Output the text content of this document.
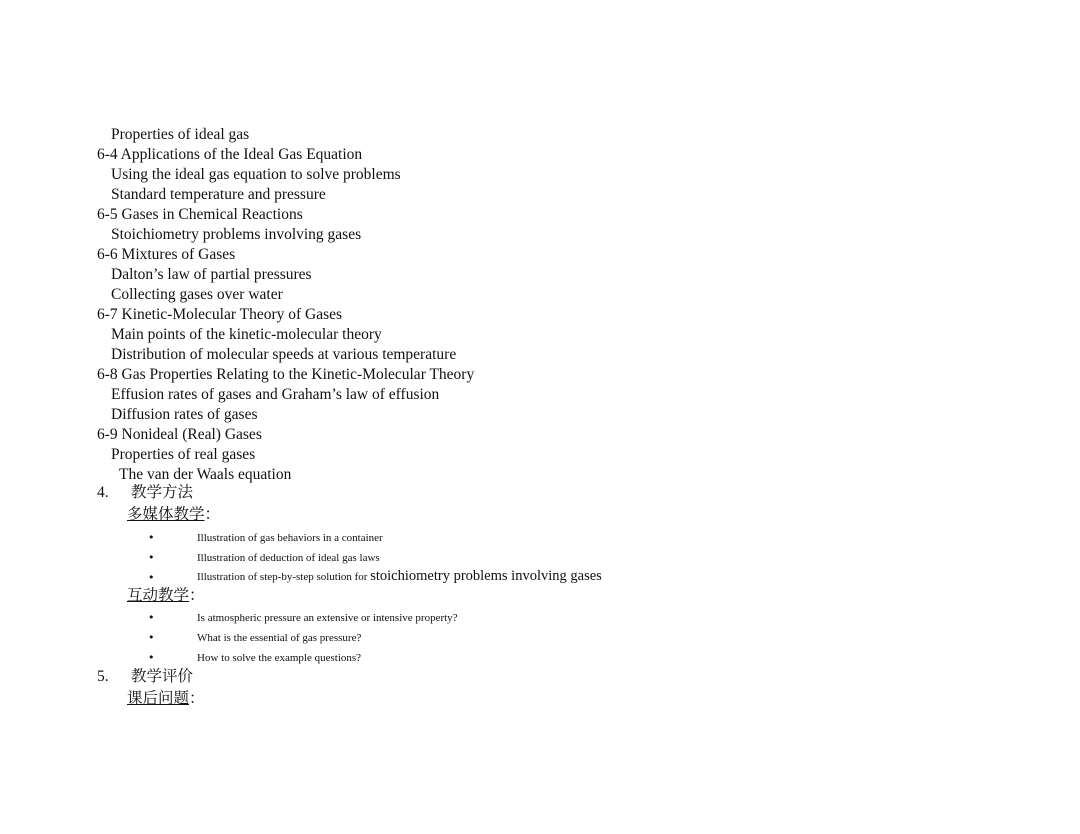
Properties of ideal gas
6-4 Applications of the Ideal Gas Equation
Using the ideal gas equation to solve problems
Standard temperature and pressure
6-5 Gases in Chemical Reactions
Stoichiometry problems involving gases
6-6 Mixtures of Gases
Dalton’s law of partial pressures
Collecting gases over water
6-7 Kinetic-Molecular Theory of Gases
Main points of the kinetic-molecular theory
Distribution of molecular speeds at various temperature
6-8 Gas Properties Relating to the Kinetic-Molecular Theory
Effusion rates of gases and Graham’s law of effusion
Diffusion rates of gases
6-9 Nonideal (Real) Gases
Properties of real gases
The van der Waals equation
4. 教学方法
多媒体教学：
•	Illustration of gas behaviors in a container
•	Illustration of deduction of ideal gas laws
•	Illustration of step-by-step solution for stoichiometry problems involving gases
互动教学：
•	Is atmospheric pressure an extensive or intensive property?
•	What is the essential of gas pressure?
•	How to solve the example questions?
5. 教学评价
课后问题：
